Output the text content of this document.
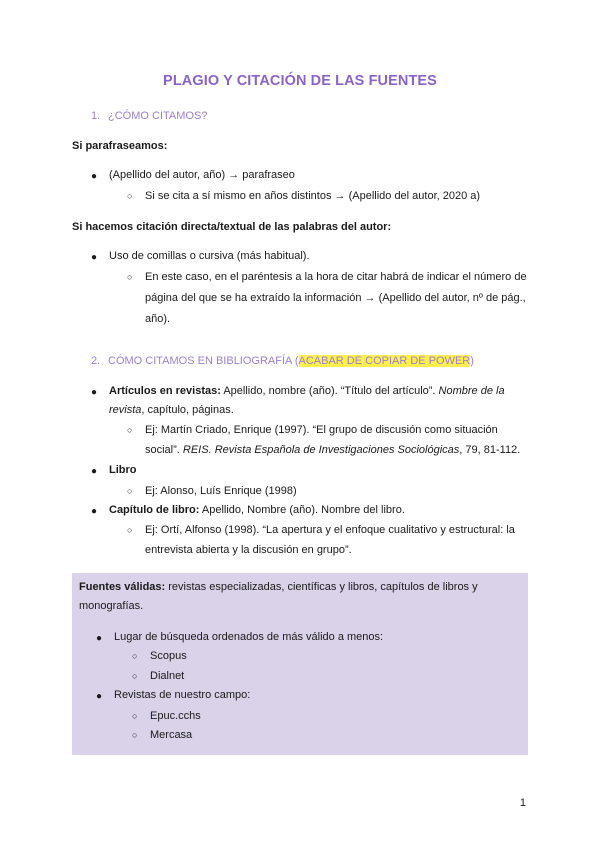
PLAGIO Y CITACIÓN DE LAS FUENTES
1. ¿CÓMO CITAMOS?
Si parafraseamos:
● (Apellido del autor, año) → parafraseo
○ Si se cita a sí mismo en años distintos → (Apellido del autor, 2020 a)
Si hacemos citación directa/textual de las palabras del autor:
● Uso de comillas o cursiva (más habitual).
○ En este caso, en el paréntesis a la hora de citar habrá de indicar el número de
página del que se ha extraído la información → (Apellido del autor, nº de pág.,
año).
2. CÓMO CITAMOS EN BIBLIOGRAFÍA (ACABAR DE COPIAR DE POWER)
● Artículos en revistas: Apellido, nombre (año). “Título del artículo”. Nombre de la
revista, capítulo, páginas.
○ Ej: Martín Criado, Enrique (1997). “El grupo de discusión como situación
social”. REIS. Revista Española de Investigaciones Sociológicas, 79, 81-112.
● Libro
○ Ej: Alonso, Luís Enrique (1998)
● Capítulo de libro: Apellido, Nombre (año). Nombre del libro.
○ Ej: Ortí, Alfonso (1998). “La apertura y el enfoque cualitativo y estructural: la
entrevista abierta y la discusión en grupo”.
Fuentes válidas: revistas especializadas, científicas y libros, capítulos de libros y
monografías.
● Lugar de búsqueda ordenados de más válido a menos:
○ Scopus
○ Dialnet
● Revistas de nuestro campo:
○ Epuc.cchs
○ Mercasa
1
